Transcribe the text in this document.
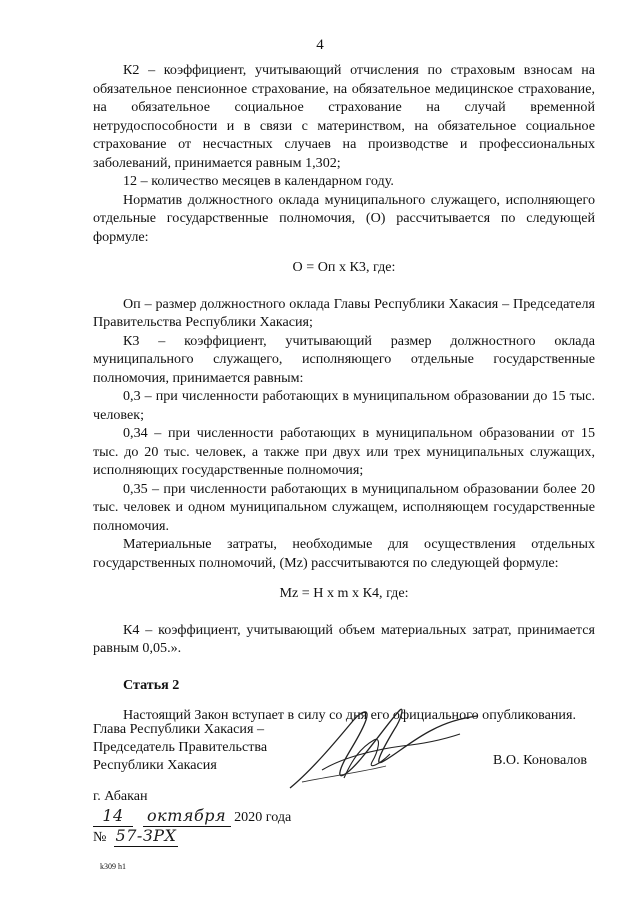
4

К2 – коэффициент, учитывающий отчисления по страховым взносам на обязательное пенсионное страхование, на обязательное медицинское страхование, на обязательное социальное страхование на случай временной нетрудоспособности и в связи с материнством, на обязательное социальное страхование от несчастных случаев на производстве и профессиональных заболеваний, принимается равным 1,302;

12 – количество месяцев в календарном году.

Норматив должностного оклада муниципального служащего, исполняющего отдельные государственные полномочия, (О) рассчитывается по следующей формуле:

О = Оп х К3, где:

Оп – размер должностного оклада Главы Республики Хакасия – Председателя Правительства Республики Хакасия;

К3 – коэффициент, учитывающий размер должностного оклада муниципального служащего, исполняющего отдельные государственные полномочия, принимается равным:

0,3 – при численности работающих в муниципальном образовании до 15 тыс. человек;

0,34 – при численности работающих в муниципальном образовании от 15 тыс. до 20 тыс. человек, а также при двух или трех муниципальных служащих, исполняющих государственные полномочия;

0,35 – при численности работающих в муниципальном образовании более 20 тыс. человек и одном муниципальном служащем, исполняющем государственные полномочия.

Материальные затраты, необходимые для осуществления отдельных государственных полномочий, (Mz) рассчитываются по следующей формуле:

Mz = Н х m х К4, где:

К4 – коэффициент, учитывающий объем материальных затрат, принимается равным 0,05.».

Статья 2

Настоящий Закон вступает в силу со дня его официального опубликования.

Глава Республики Хакасия –
Председатель Правительства
Республики Хакасия	В.О. Коновалов
г. Абакан
14 октября 2020 года
№ 57-ЗРХ
k309 h1
